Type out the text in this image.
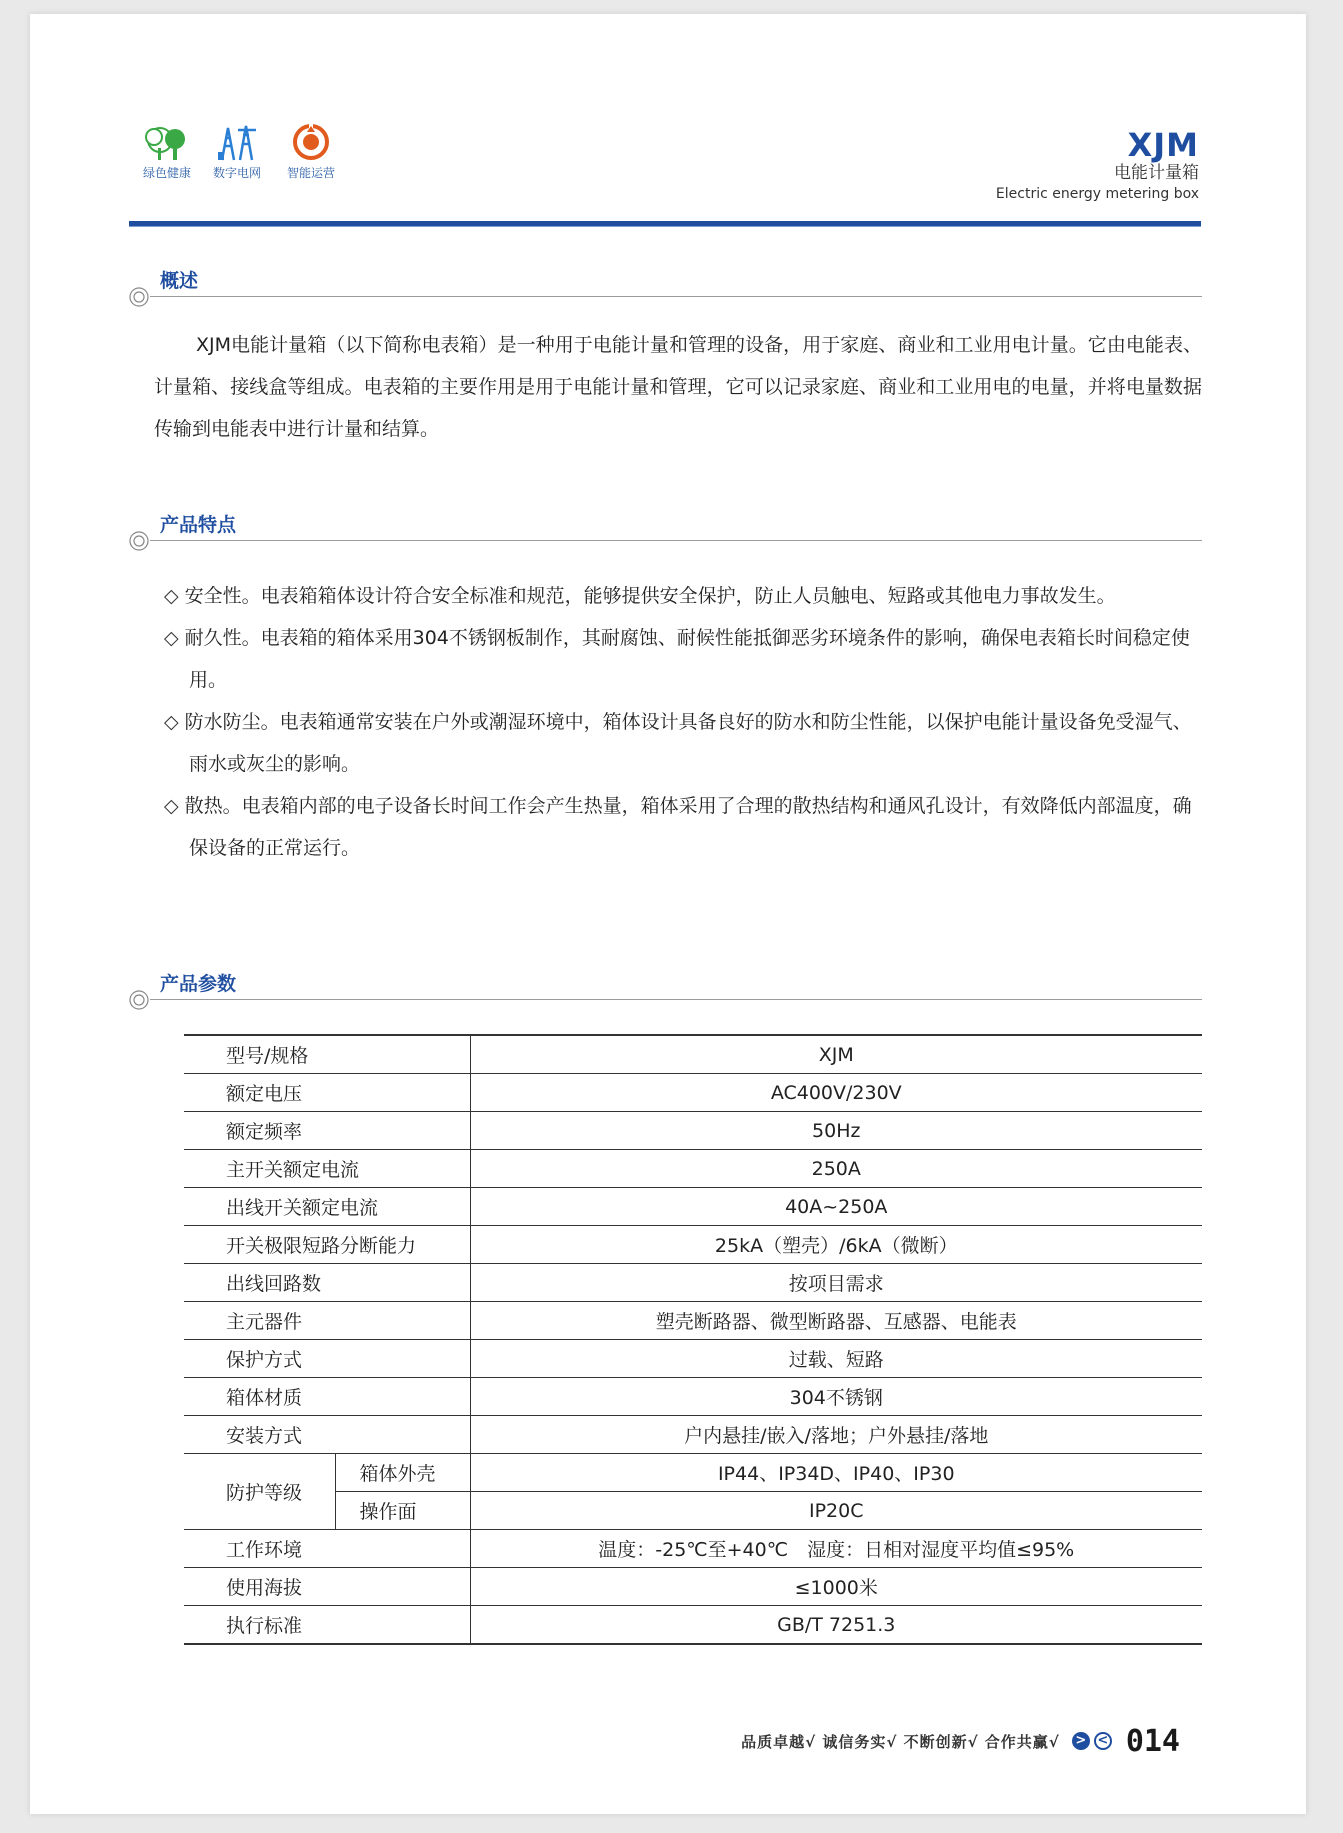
绿色健康	数字电网	智能运营
XJM
电能计量箱
Electric energy metering box
概述
XJM电能计量箱（以下简称电表箱）是一种用于电能计量和管理的设备，用于家庭、商业和工业用电计量。它由电能表、计量箱、接线盒等组成。电表箱的主要作用是用于电能计量和管理，它可以记录家庭、商业和工业用电的电量，并将电量数据传输到电能表中进行计量和结算。
产品特点
◇ 安全性。电表箱箱体设计符合安全标准和规范，能够提供安全保护，防止人员触电、短路或其他电力事故发生。
◇ 耐久性。电表箱的箱体采用304不锈钢板制作，其耐腐蚀、耐候性能抵御恶劣环境条件的影响，确保电表箱长时间稳定使用。
◇ 防水防尘。电表箱通常安装在户外或潮湿环境中，箱体设计具备良好的防水和防尘性能，以保护电能计量设备免受湿气、雨水或灰尘的影响。
◇ 散热。电表箱内部的电子设备长时间工作会产生热量，箱体采用了合理的散热结构和通风孔设计，有效降低内部温度，确保设备的正常运行。
产品参数
型号/规格		XJM
额定电压		AC400V/230V
额定频率		50Hz
主开关额定电流		250A
出线开关额定电流		40A~250A
开关极限短路分断能力		25kA（塑壳）/6kA（微断）
出线回路数		按项目需求
主元器件		塑壳断路器、微型断路器、互感器、电能表
保护方式		过载、短路
箱体材质		304不锈钢
安装方式		户内悬挂/嵌入/落地；户外悬挂/落地
防护等级	箱体外壳	IP44、IP34D、IP40、IP30
	操作面	IP20C
工作环境		温度：-25℃至+40℃　湿度：日相对湿度平均值≤95%
使用海拔		≤1000米
执行标准		GB/T 7251.3
品质卓越√ 诚信务实√ 不断创新√ 合作共赢√ > < 014
